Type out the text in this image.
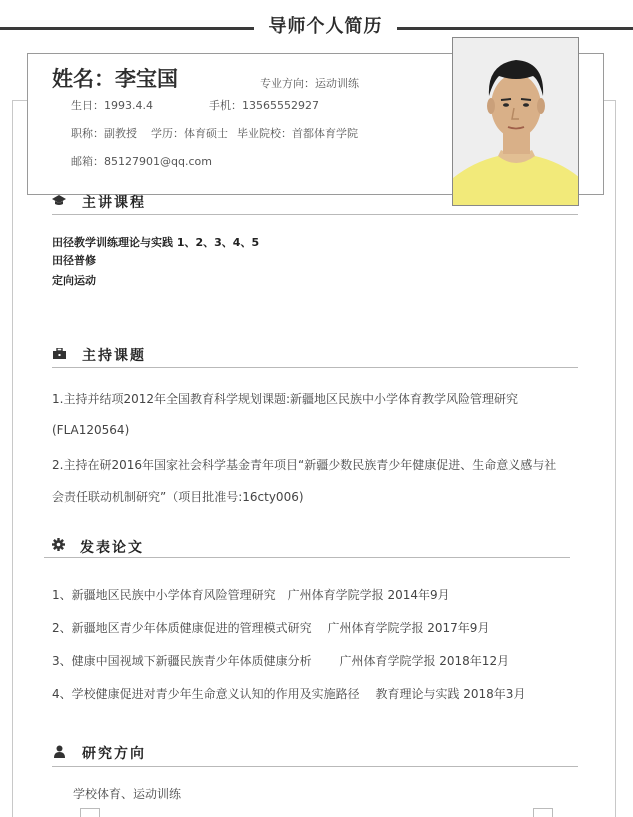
导师个人简历
姓名：李宝国	专业方向：运动训练
生日：1993.4.4	手机：13565552927
职称：副教授 学历：体育硕士 毕业院校：首都体育学院
邮箱：85127901@qq.com
主讲课程
田径教学训练理论与实践 1、2、3、4、5
田径普修
定向运动
主持课题
1.主持并结项2012年全国教育科学规划课题:新疆地区民族中小学体育教学风险管理研究
(FLA120564)
2.主持在研2016年国家社会科学基金青年项目“新疆少数民族青少年健康促进、生命意义感与社
会责任联动机制研究”（项目批准号:16cty006)
发表论文
1、新疆地区民族中小学体育风险管理研究　广州体育学院学报 2014年9月
2、新疆地区青少年体质健康促进的管理模式研究　 广州体育学院学报 2017年9月
3、健康中国视域下新疆民族青少年体质健康分析　　 广州体育学院学报 2018年12月
4、学校健康促进对青少年生命意义认知的作用及实施路径　 教育理论与实践 2018年3月
研究方向
学校体育、运动训练
